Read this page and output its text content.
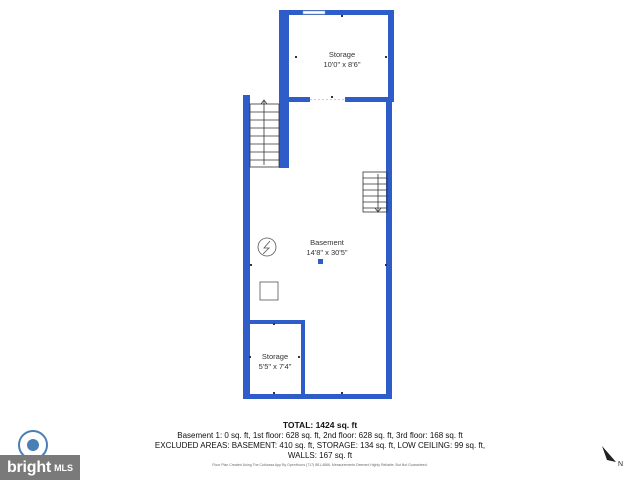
Storage
10'0" x 8'6"
Basement
14'8" x 30'5"
Storage
5'5" x 7'4"
TOTAL: 1424 sq. ft
Basement 1: 0 sq. ft, 1st floor: 628 sq. ft, 2nd floor: 628 sq. ft, 3rd floor: 168 sq. ft
EXCLUDED AREAS: BASEMENT: 410 sq. ft, STORAGE: 134 sq. ft, LOW CEILING: 99 sq. ft,
WALLS: 167 sq. ft
Floor Plan Created Using The Cubicasa App By OpenHours (717) 881-4866. Measurements Deemed Highly Reliable, But Not Guaranteed.
bright MLS	N
